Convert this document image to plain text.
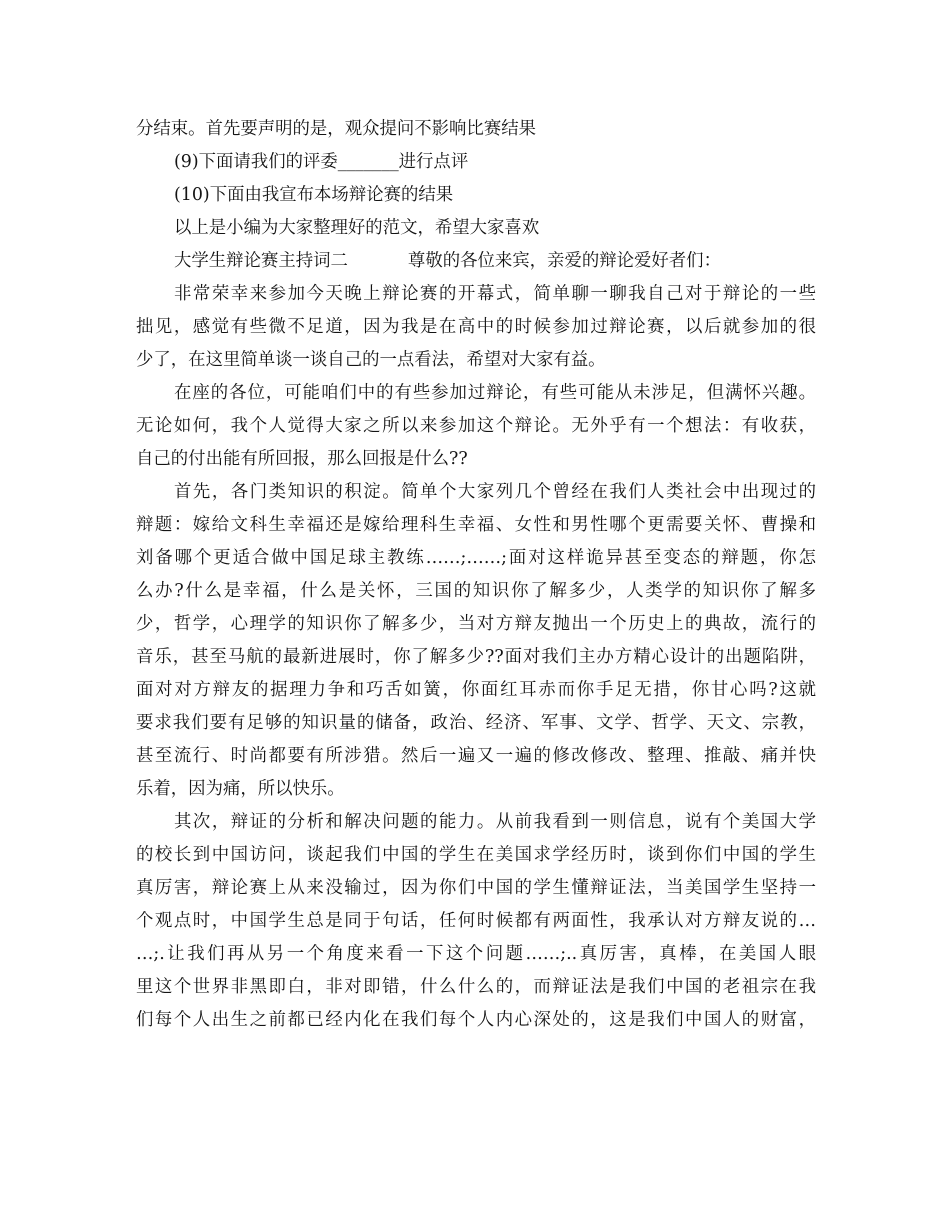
分结束。首先要声明的是，观众提问不影响比赛结果
(9)下面请我们的评委_______进行点评
(10)下面由我宣布本场辩论赛的结果
以上是小编为大家整理好的范文，希望大家喜欢
大学生辩论赛主持词二	尊敬的各位来宾，亲爱的辩论爱好者们：
非常荣幸来参加今天晚上辩论赛的开幕式，简单聊一聊我自己对于辩论的一些
拙见，感觉有些微不足道，因为我是在高中的时候参加过辩论赛，以后就参加的很
少了，在这里简单谈一谈自己的一点看法，希望对大家有益。
在座的各位，可能咱们中的有些参加过辩论，有些可能从未涉足，但满怀兴趣。
无论如何，我个人觉得大家之所以来参加这个辩论。无外乎有一个想法：有收获，
自己的付出能有所回报，那么回报是什么??
首先，各门类知识的积淀。简单个大家列几个曾经在我们人类社会中出现过的
辩题：嫁给文科生幸福还是嫁给理科生幸福、女性和男性哪个更需要关怀、曹操和
刘备哪个更适合做中国足球主教练……;……;面对这样诡异甚至变态的辩题，你怎
么办?什么是幸福，什么是关怀，三国的知识你了解多少，人类学的知识你了解多
少，哲学，心理学的知识你了解多少，当对方辩友抛出一个历史上的典故，流行的
音乐，甚至马航的最新进展时，你了解多少??面对我们主办方精心设计的出题陷阱，
面对对方辩友的据理力争和巧舌如簧，你面红耳赤而你手足无措，你甘心吗?这就
要求我们要有足够的知识量的储备，政治、经济、军事、文学、哲学、天文、宗教，
甚至流行、时尚都要有所涉猎。然后一遍又一遍的修改修改、整理、推敲、痛并快
乐着，因为痛，所以快乐。
其次，辩证的分析和解决问题的能力。从前我看到一则信息，说有个美国大学
的校长到中国访问，谈起我们中国的学生在美国求学经历时，谈到你们中国的学生
真厉害，辩论赛上从来没输过，因为你们中国的学生懂辩证法，当美国学生坚持一
个观点时，中国学生总是同于句话，任何时候都有两面性，我承认对方辩友说的…
…;.让我们再从另一个角度来看一下这个问题……;..真厉害，真棒，在美国人眼
里这个世界非黑即白，非对即错，什么什么的，而辩证法是我们中国的老祖宗在我
们每个人出生之前都已经内化在我们每个人内心深处的，这是我们中国人的财富，
